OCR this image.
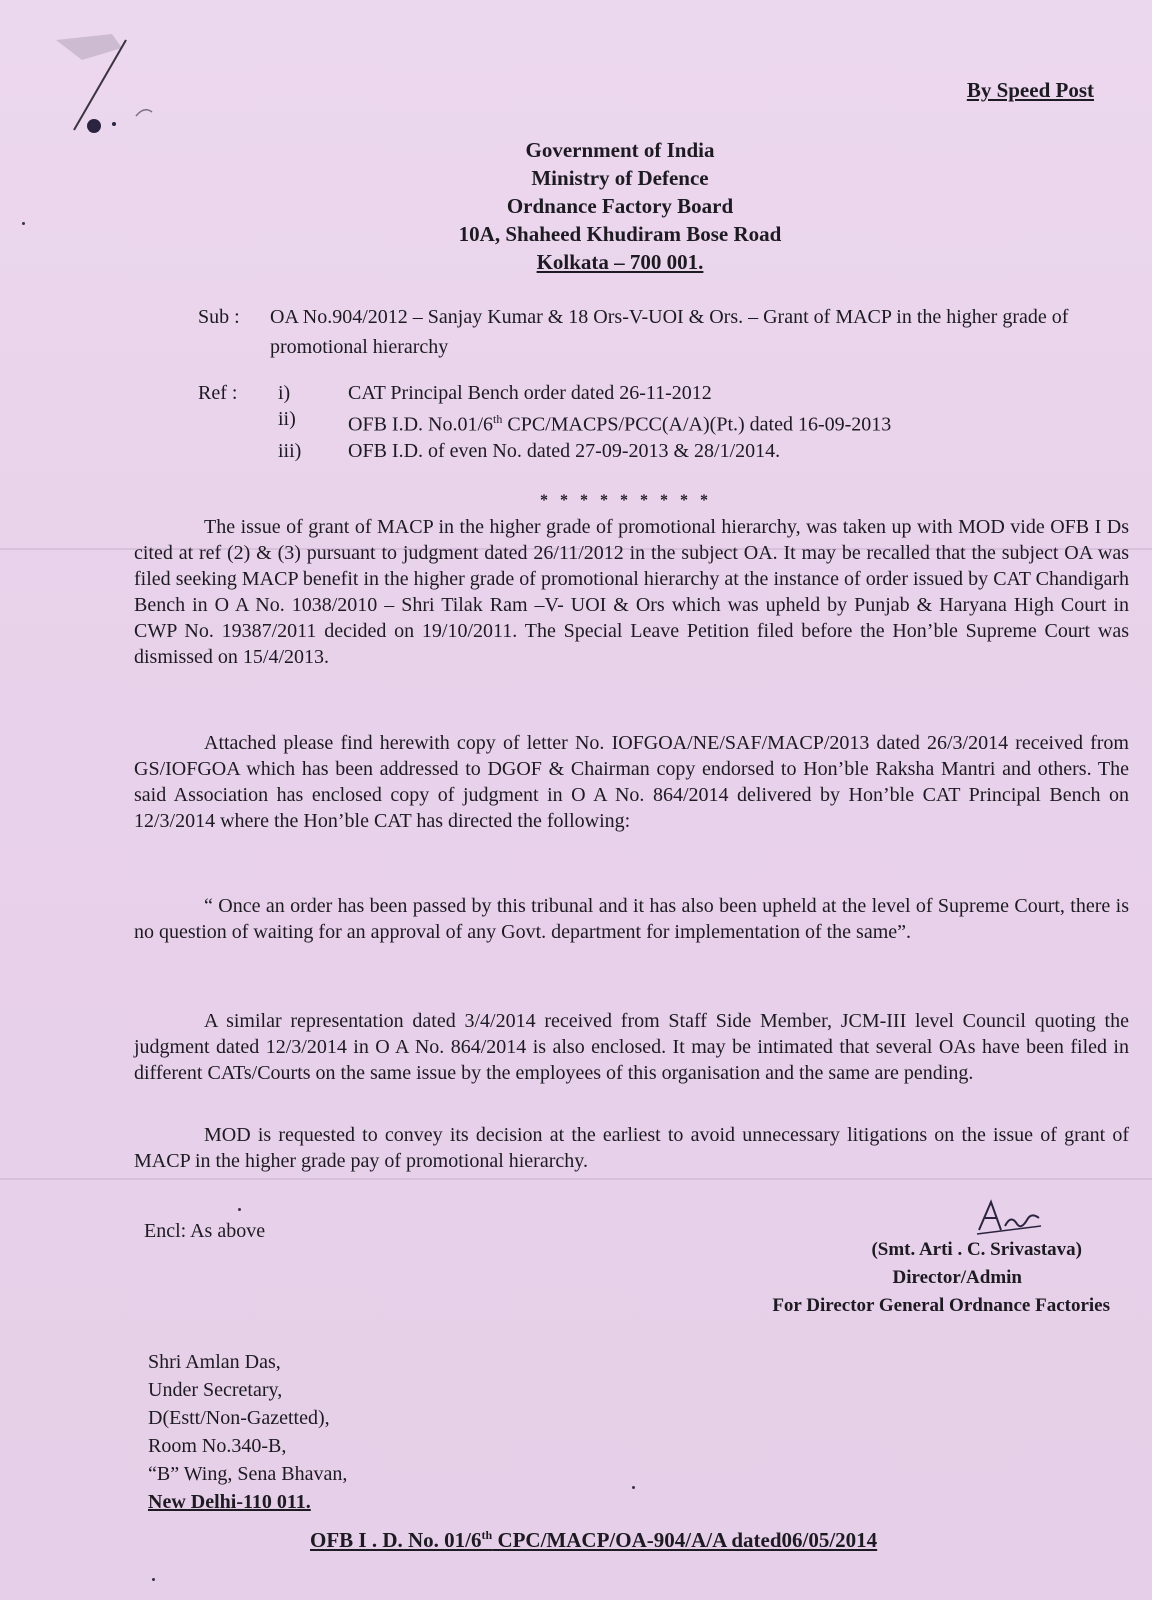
By Speed Post
Government of India
Ministry of Defence
Ordnance Factory Board
10A, Shaheed Khudiram Bose Road
Kolkata – 700 001.
Sub :	OA No.904/2012 – Sanjay Kumar & 18 Ors-V-UOI & Ors. – Grant of MACP in the higher grade of promotional hierarchy
Ref :	i)	CAT Principal Bench order dated 26-11-2012
ii)	OFB I.D. No.01/6th CPC/MACPS/PCC(A/A)(Pt.) dated 16-09-2013
iii)	OFB I.D. of even No. dated 27-09-2013 & 28/1/2014.
* * * * * * * * *
The issue of grant of MACP in the higher grade of promotional hierarchy, was taken up with MOD vide OFB I Ds cited at ref (2) & (3) pursuant to judgment dated 26/11/2012 in the subject OA. It may be recalled that the subject OA was filed seeking MACP benefit in the higher grade of promotional hierarchy at the instance of order issued by CAT Chandigarh Bench in O A No. 1038/2010 – Shri Tilak Ram –V- UOI & Ors which was upheld by Punjab & Haryana High Court in CWP No. 19387/2011 decided on 19/10/2011. The Special Leave Petition filed before the Hon’ble Supreme Court was dismissed on 15/4/2013.
Attached please find herewith copy of letter No. IOFGOA/NE/SAF/MACP/2013 dated 26/3/2014 received from GS/IOFGOA which has been addressed to DGOF & Chairman copy endorsed to Hon’ble Raksha Mantri and others. The said Association has enclosed copy of judgment in O A No. 864/2014 delivered by Hon’ble CAT Principal Bench on 12/3/2014 where the Hon’ble CAT has directed the following:
“ Once an order has been passed by this tribunal and it has also been upheld at the level of Supreme Court, there is no question of waiting for an approval of any Govt. department for implementation of the same”.
A similar representation dated 3/4/2014 received from Staff Side Member, JCM-III level Council quoting the judgment dated 12/3/2014 in O A No. 864/2014 is also enclosed. It may be intimated that several OAs have been filed in different CATs/Courts on the same issue by the employees of this organisation and the same are pending.
MOD is requested to convey its decision at the earliest to avoid unnecessary litigations on the issue of grant of MACP in the higher grade pay of promotional hierarchy.
Encl: As above
(Smt. Arti . C. Srivastava)
Director/Admin
For Director General Ordnance Factories
Shri Amlan Das,
Under Secretary,
D(Estt/Non-Gazetted),
Room No.340-B,
“B” Wing, Sena Bhavan,
New Delhi-110 011.
OFB I . D. No. 01/6th CPC/MACP/OA-904/A/A dated06/05/2014
